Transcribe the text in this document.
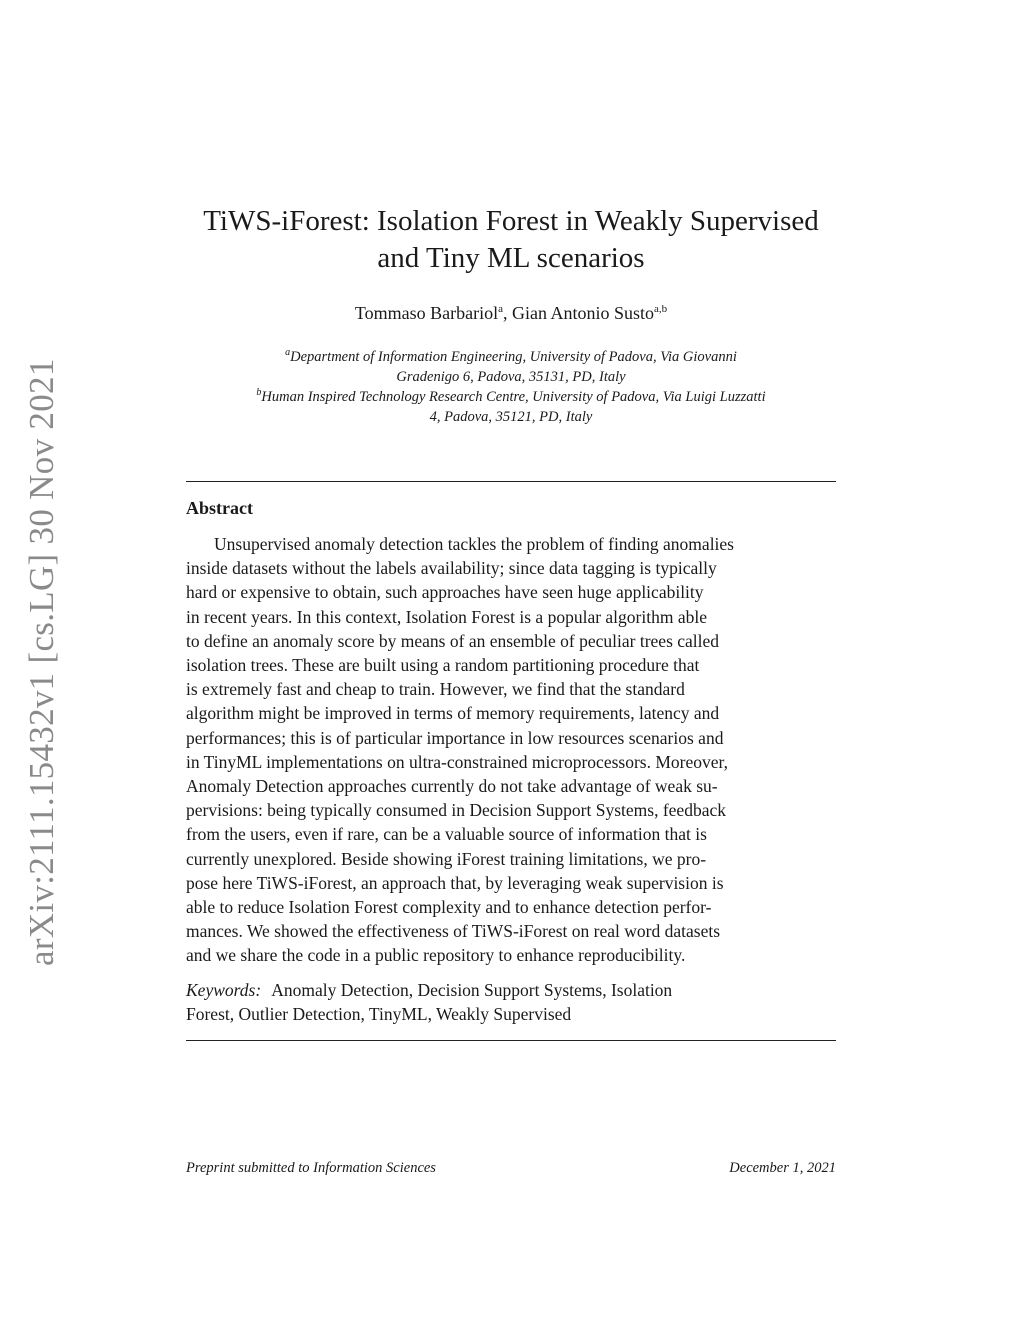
arXiv:2111.15432v1 [cs.LG] 30 Nov 2021
TiWS-iForest: Isolation Forest in Weakly Supervised
and Tiny ML scenarios
Tommaso Barbariol$^a$, Gian Antonio Susto$^{a,b}$
$^a$Department of Information Engineering, University of Padova, Via Giovanni
Gradenigo 6, Padova, 35131, PD, Italy
$^b$Human Inspired Technology Research Centre, University of Padova, Via Luigi Luzzatti
4, Padova, 35121, PD, Italy
Abstract
Unsupervised anomaly detection tackles the problem of finding anomalies
inside datasets without the labels availability; since data tagging is typically
hard or expensive to obtain, such approaches have seen huge applicability
in recent years. In this context, Isolation Forest is a popular algorithm able
to define an anomaly score by means of an ensemble of peculiar trees called
isolation trees. These are built using a random partitioning procedure that
is extremely fast and cheap to train. However, we find that the standard
algorithm might be improved in terms of memory requirements, latency and
performances; this is of particular importance in low resources scenarios and
in TinyML implementations on ultra-constrained microprocessors. Moreover,
Anomaly Detection approaches currently do not take advantage of weak su-
pervisions: being typically consumed in Decision Support Systems, feedback
from the users, even if rare, can be a valuable source of information that is
currently unexplored. Beside showing iForest training limitations, we pro-
pose here TiWS-iForest, an approach that, by leveraging weak supervision is
able to reduce Isolation Forest complexity and to enhance detection perfor-
mances. We showed the effectiveness of TiWS-iForest on real word datasets
and we share the code in a public repository to enhance reproducibility.
Keywords: Anomaly Detection, Decision Support Systems, Isolation
Forest, Outlier Detection, TinyML, Weakly Supervised
Preprint submitted to Information Sciences	December 1, 2021
